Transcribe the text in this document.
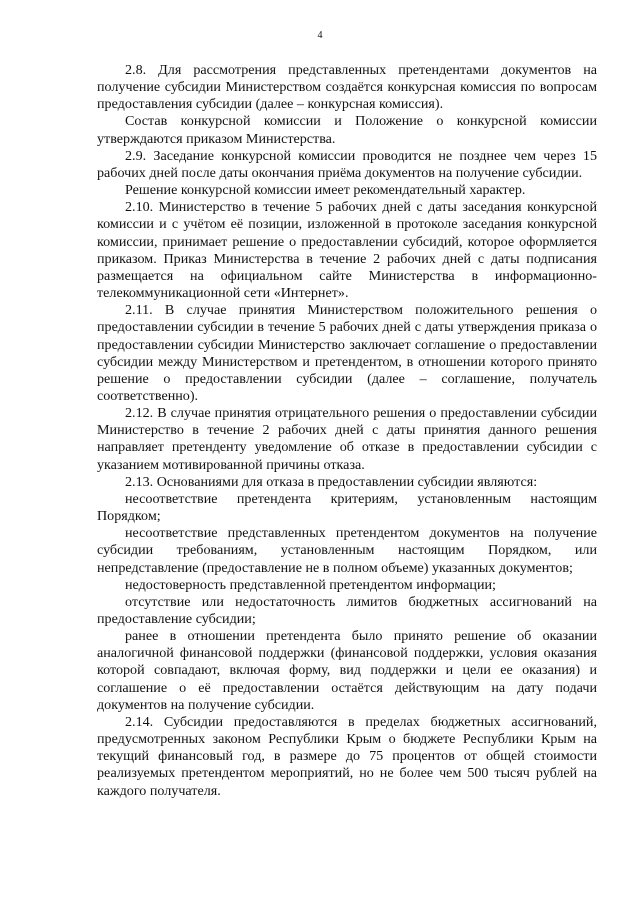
4

2.8. Для рассмотрения представленных претендентами документов на получение субсидии Министерством создаётся конкурсная комиссия по вопросам предоставления субсидии (далее – конкурсная комиссия).

Состав конкурсной комиссии и Положение о конкурсной комиссии утверждаются приказом Министерства.

2.9. Заседание конкурсной комиссии проводится не позднее чем через 15 рабочих дней после даты окончания приёма документов на получение субсидии.

Решение конкурсной комиссии имеет рекомендательный характер.

2.10. Министерство в течение 5 рабочих дней с даты заседания конкурсной комиссии и с учётом её позиции, изложенной в протоколе заседания конкурсной комиссии, принимает решение о предоставлении субсидий, которое оформляется приказом. Приказ Министерства в течение 2 рабочих дней с даты подписания размещается на официальном сайте Министерства в информационно-телекоммуникационной сети «Интернет».

2.11. В случае принятия Министерством положительного решения о предоставлении субсидии в течение 5 рабочих дней с даты утверждения приказа о предоставлении субсидии Министерство заключает соглашение о предоставлении субсидии между Министерством и претендентом, в отношении которого принято решение о предоставлении субсидии (далее – соглашение, получатель соответственно).

2.12. В случае принятия отрицательного решения о предоставлении субсидии Министерство в течение 2 рабочих дней с даты принятия данного решения направляет претенденту уведомление об отказе в предоставлении субсидии с указанием мотивированной причины отказа.

2.13. Основаниями для отказа в предоставлении субсидии являются:

несоответствие претендента критериям, установленным настоящим Порядком;

несоответствие представленных претендентом документов на получение субсидии требованиям, установленным настоящим Порядком, или непредставление (предоставление не в полном объеме) указанных документов;

недостоверность представленной претендентом информации;

отсутствие или недостаточность лимитов бюджетных ассигнований на предоставление субсидии;

ранее в отношении претендента было принято решение об оказании аналогичной финансовой поддержки (финансовой поддержки, условия оказания которой совпадают, включая форму, вид поддержки и цели ее оказания) и соглашение о её предоставлении остаётся действующим на дату подачи документов на получение субсидии.

2.14. Субсидии предоставляются в пределах бюджетных ассигнований, предусмотренных законом Республики Крым о бюджете Республики Крым на текущий финансовый год, в размере до 75 процентов от общей стоимости реализуемых претендентом мероприятий, но не более чем 500 тысяч рублей на каждого получателя.
